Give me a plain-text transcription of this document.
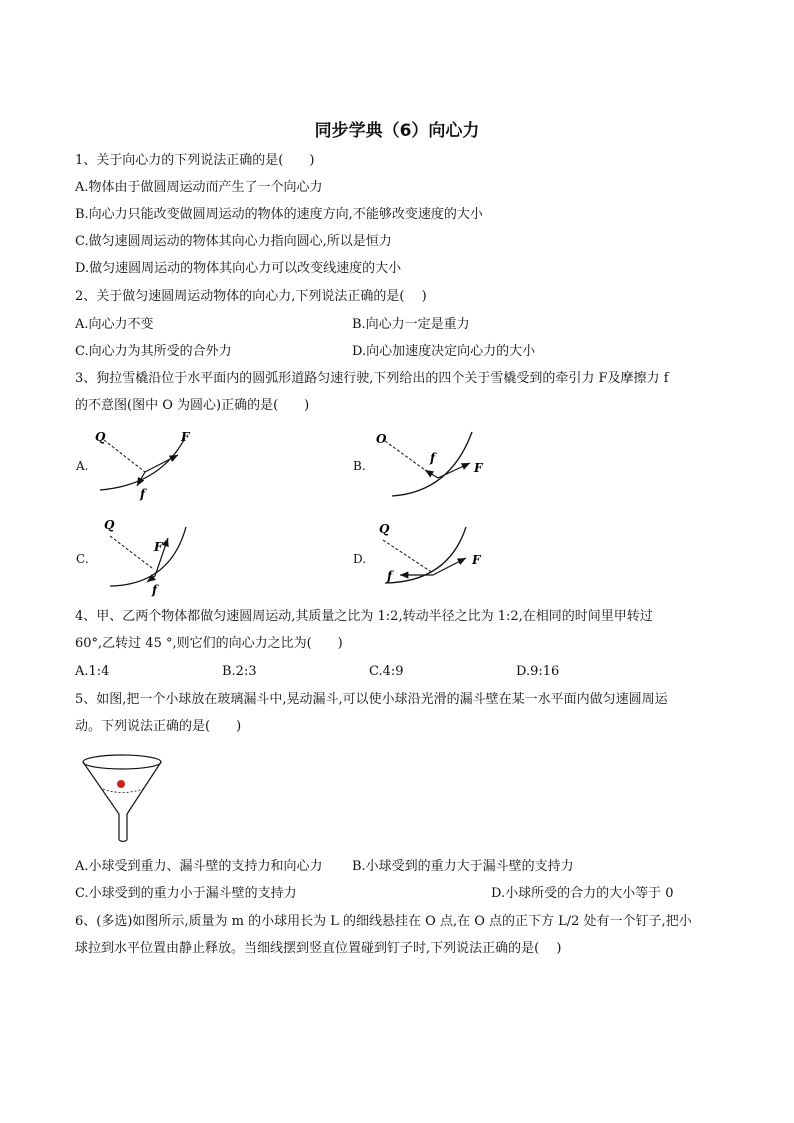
同步学典（6）向心力
1、关于向心力的下列说法正确的是(　　)
A.物体由于做圆周运动而产生了一个向心力
B.向心力只能改变做圆周运动的物体的速度方向,不能够改变速度的大小
C.做匀速圆周运动的物体其向心力指向圆心,所以是恒力
D.做匀速圆周运动的物体其向心力可以改变线速度的大小
2、关于做匀速圆周运动物体的向心力,下列说法正确的是(　 )
A.向心力不变	B.向心力一定是重力
C.向心力为其所受的合外力	D.向心加速度决定向心力的大小
3、狗拉雪橇沿位于水平面内的圆弧形道路匀速行驶,下列给出的四个关于雪橇受到的牵引力 F及摩擦力 f
的不意图(图中 O 为圆心)正确的是(　　)
A.	B.
C.	D.
Q	F
f
O
F
f
Q
F
f
Q
F
f
4、甲、乙两个物体都做匀速圆周运动,其质量之比为 1:2,转动半径之比为 1:2,在相同的时间里甲转过
60°,乙转过 45 °,则它们的向心力之比为(　　)
A.1:4	B.2:3	C.4:9	D.9:16
5、如图,把一个小球放在玻璃漏斗中,晃动漏斗,可以使小球沿光滑的漏斗壁在某一水平面内做匀速圆周运
动。下列说法正确的是(　　)
A.小球受到重力、漏斗壁的支持力和向心力 B.小球受到的重力大于漏斗壁的支持力
C.小球受到的重力小于漏斗壁的支持力	D.小球所受的合力的大小等于 0
6、(多选)如图所示,质量为 m 的小球用长为 L 的细线悬挂在 O 点,在 O 点的正下方 L/2 处有一个钉子,把小
球拉到水平位置由静止释放。当细线摆到竖直位置碰到钉子时,下列说法正确的是(　 )
